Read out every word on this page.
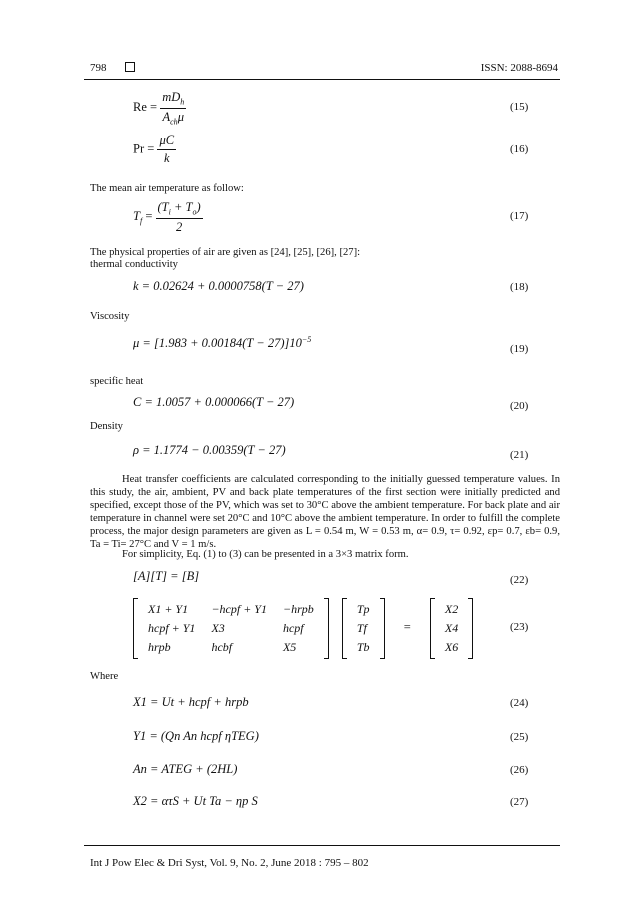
798	ISSN: 2088-8694
$Re = \frac{mD_h}{A_{ch}\mu}$	(15)
$Pr = \frac{\mu C}{k}$	(16)
The mean air temperature as follow:
$T_f = \frac{(T_i + T_o)}{2}$	(17)
The physical properties of air are given as [24], [25], [26], [27]:
thermal conductivity
k = 0.02624 + 0.0000758(T − 27)	(18)
Viscosity
$\mu = [1.983 + 0.00184(T - 27)]10^{-5}$
(19)
specific heat
C = 1.0057 + 0.000066(T − 27)	(20)
Density
ρ = 1.1774 − 0.00359(T − 27)	(21)
Heat transfer coefficients are calculated corresponding to the initially guessed temperature values. In this study, the air, ambient, PV and back plate temperatures of the first section were initially predicted and specified, except those of the PV, which was set to 30°C above the ambient temperature. For back plate and air temperature in channel were set 20°C and 10°C above the ambient temperature. In order to fulfill the complete process, the major design parameters are given as L = 0.54 m, W = 0.53 m, α= 0.9, τ= 0.92, εp= 0.7, εb= 0.9, Ta = Ti= 27°C and V = 1 m/s.
For simplicity, Eq. (1) to (3) can be presented in a 3×3 matrix form.
[A][T] = [B]	(22)
X1 + Y1	−hcpf + Y1	−hrpb
hcpf + Y1	X3	hcpf
hrpb	hcbf	X5

Tp
Tf
Tb
=
X2
X4
X6
(23)
Where
X1 = Ut + hcpf + hrpb	(24)
Y1 = (Qn An hcpf ηTEG)	(25)
An = ATEG + (2HL)	(26)
X2 = ατS + Ut Ta − ηp S	(27)
Int J Pow Elec & Dri Syst, Vol. 9, No. 2, June 2018 : 795 – 802
